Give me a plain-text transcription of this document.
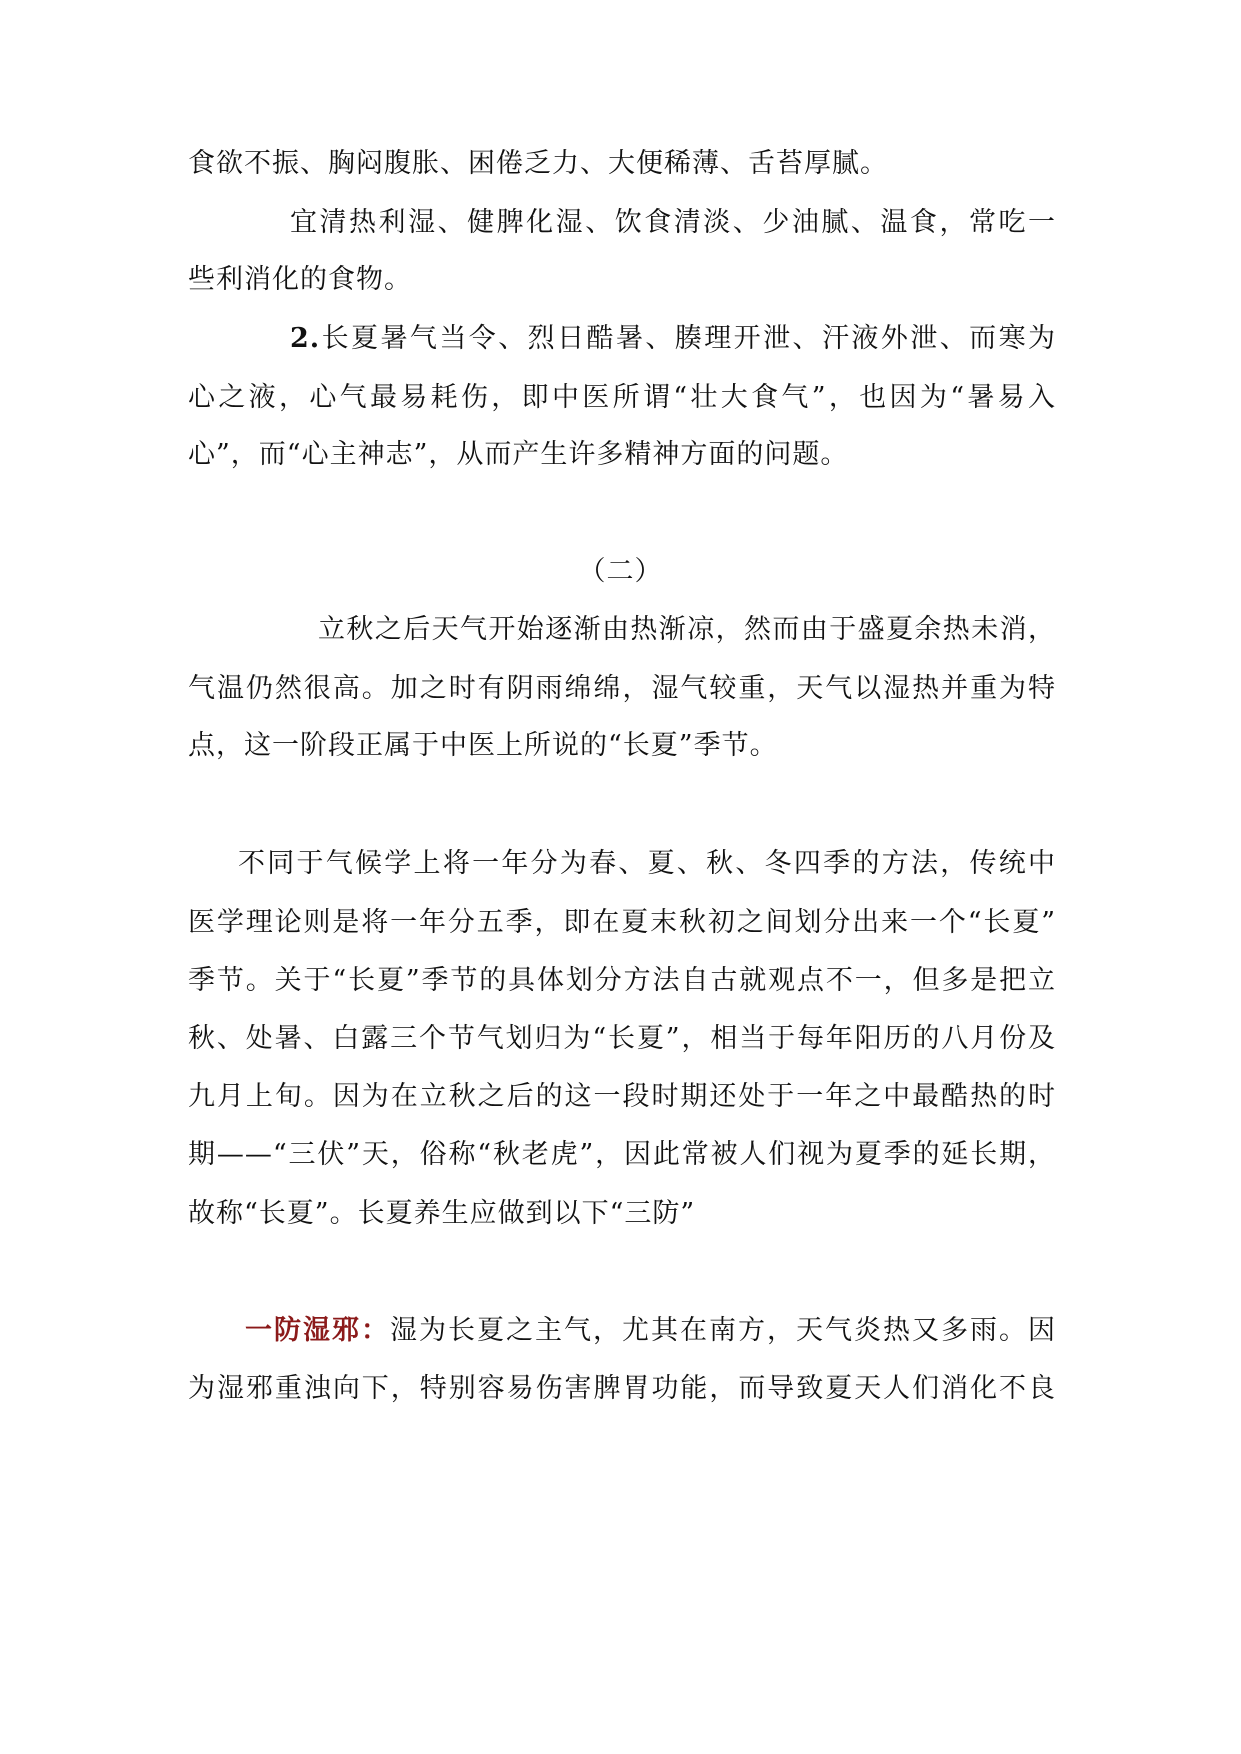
食欲不振、胸闷腹胀、困倦乏力、大便稀薄、舌苔厚腻。
宜清热利湿、健脾化湿、饮食清淡、少油腻、温食，常吃一
些利消化的食物。
2.长夏暑气当令、烈日酷暑、腠理开泄、汗液外泄、而寒为
心之液，心气最易耗伤，即中医所谓“壮大食气”，也因为“暑易入
心”，而“心主神志”，从而产生许多精神方面的问题。
（二）
立秋之后天气开始逐渐由热渐凉，然而由于盛夏余热未消，
气温仍然很高。加之时有阴雨绵绵，湿气较重，天气以湿热并重为特
点，这一阶段正属于中医上所说的“长夏”季节。
不同于气候学上将一年分为春、夏、秋、冬四季的方法，传统中
医学理论则是将一年分五季，即在夏末秋初之间划分出来一个“长夏”
季节。关于“长夏”季节的具体划分方法自古就观点不一，但多是把立
秋、处暑、白露三个节气划归为“长夏”，相当于每年阳历的八月份及
九月上旬。因为在立秋之后的这一段时期还处于一年之中最酷热的时
期——“三伏”天，俗称“秋老虎”，因此常被人们视为夏季的延长期，
故称“长夏”。长夏养生应做到以下“三防”
一防湿邪：湿为长夏之主气，尤其在南方，天气炎热又多雨。因
为湿邪重浊向下，特别容易伤害脾胃功能，而导致夏天人们消化不良
